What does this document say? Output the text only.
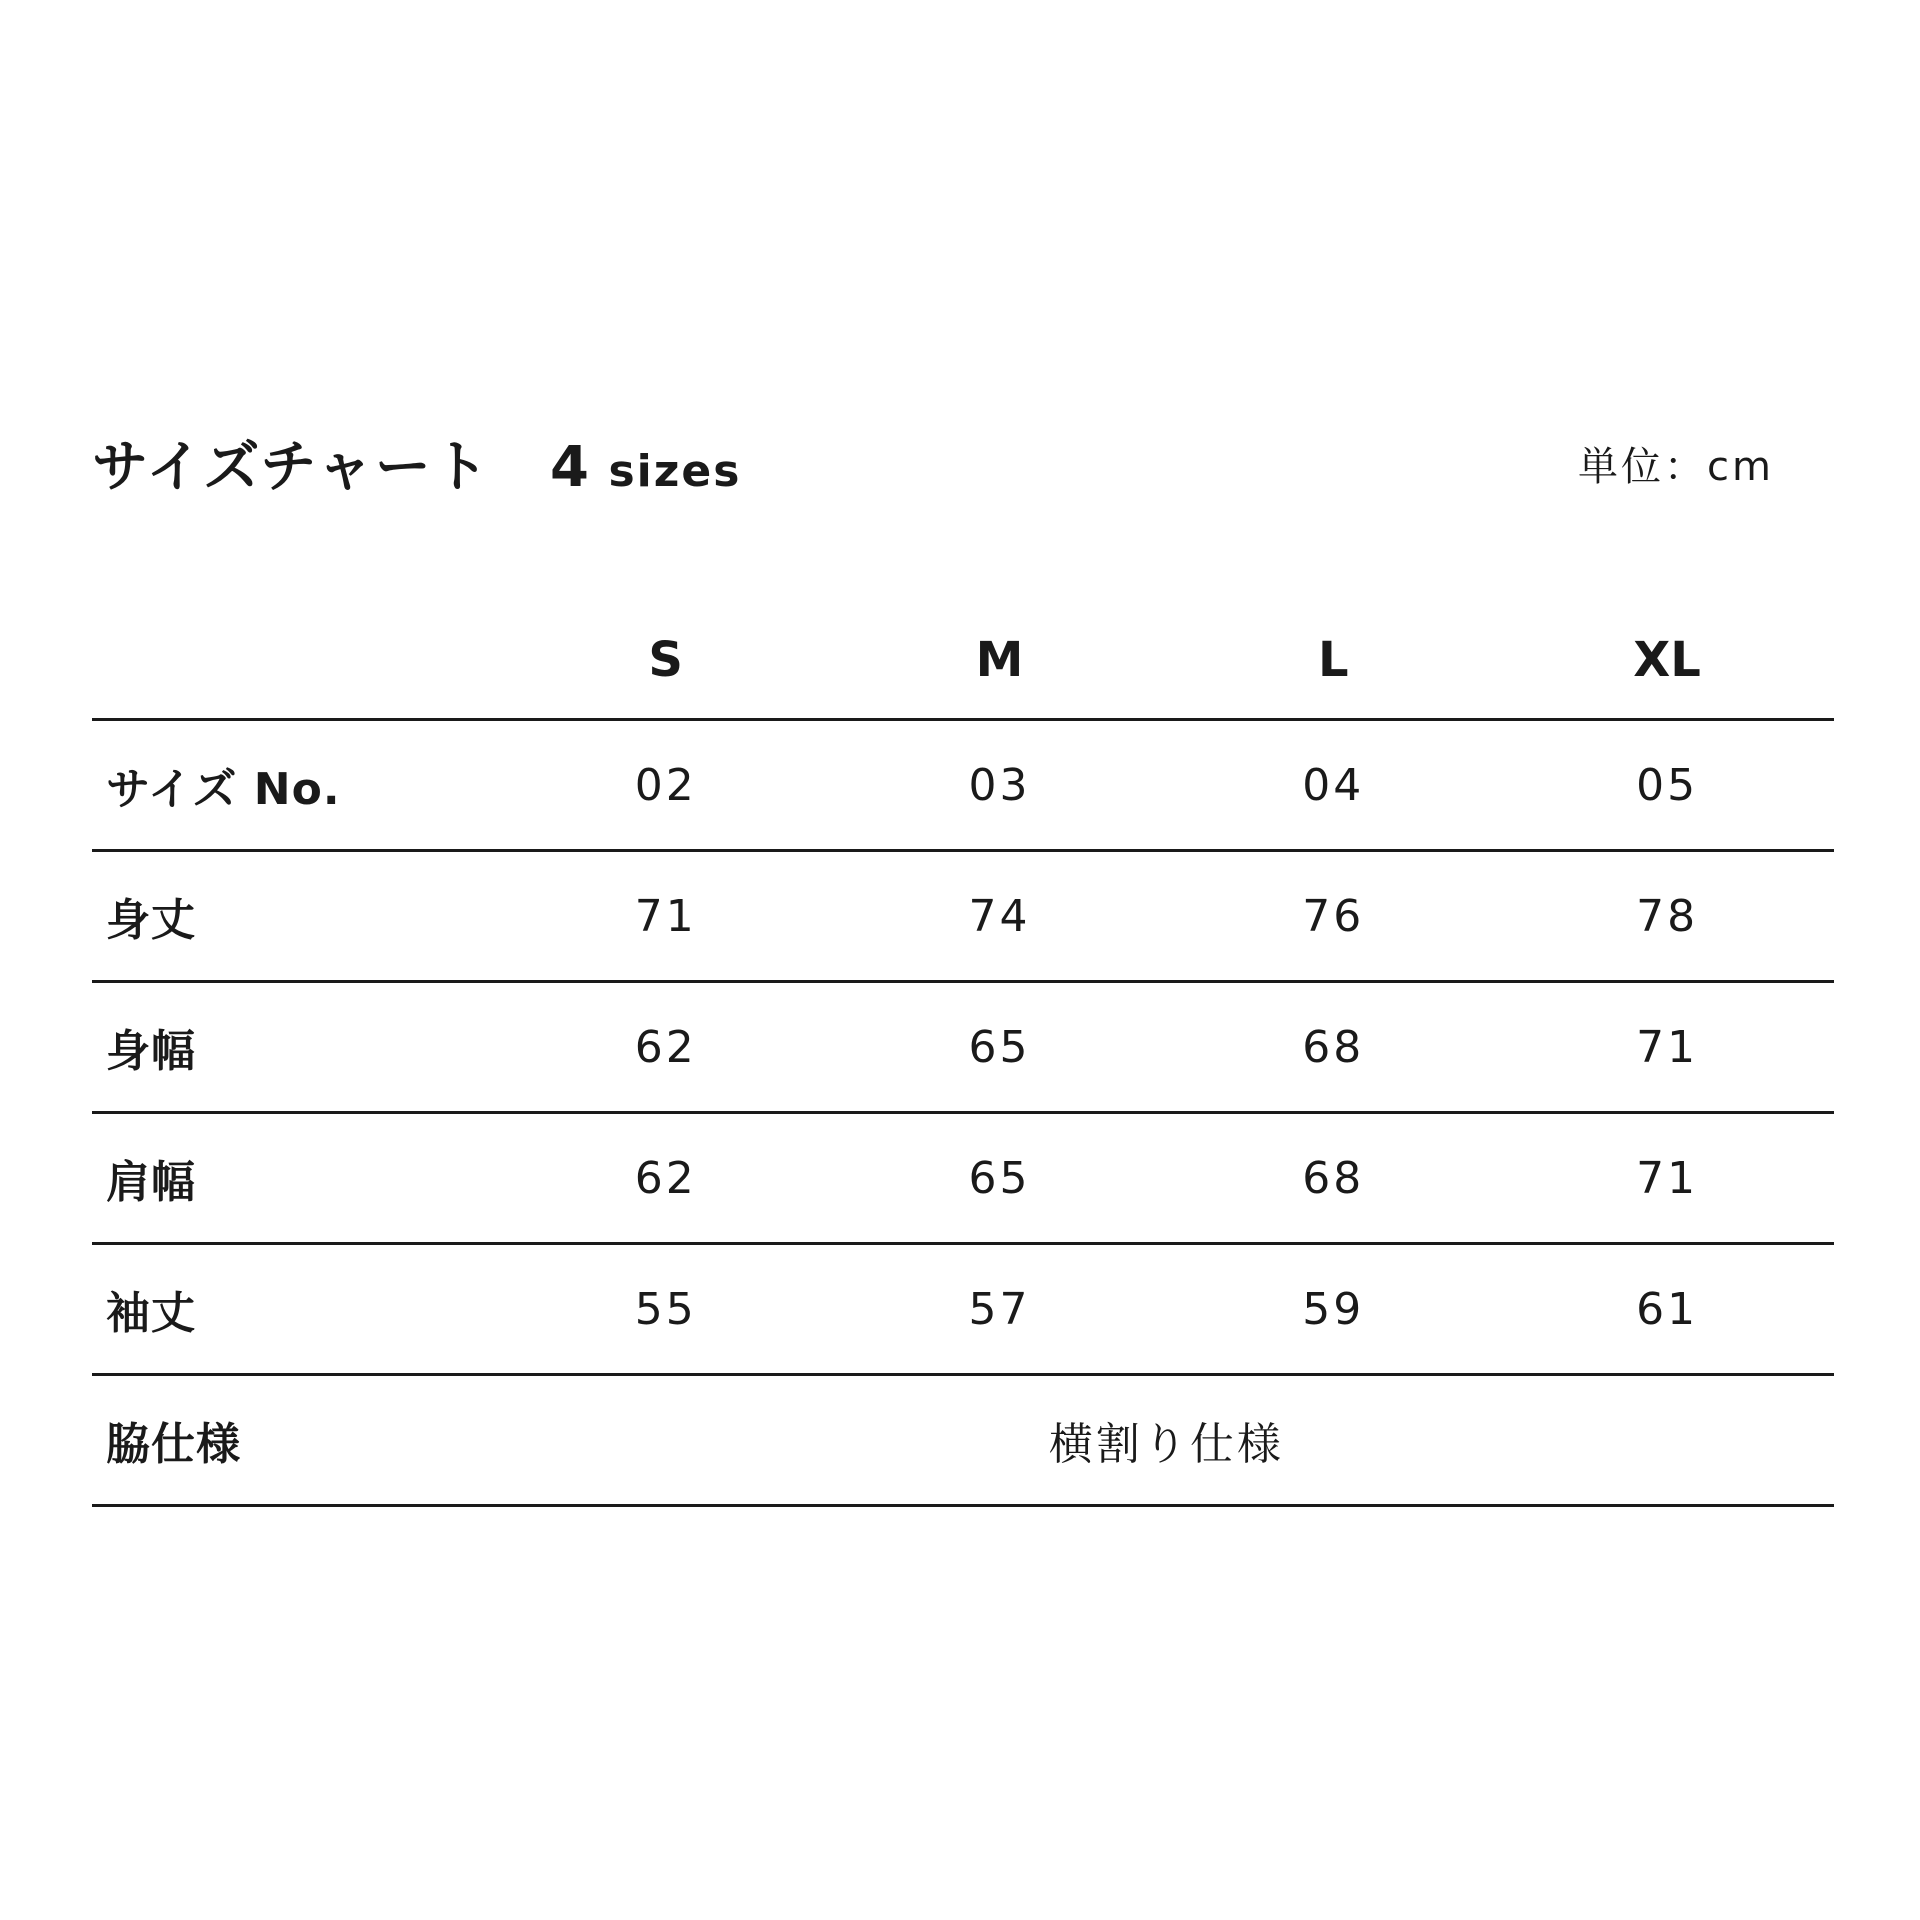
サイズチャート 4 sizes	単位：cm
	S	M	L	XL
サイズ No.	02	03	04	05
身丈	71	74	76	78
身幅	62	65	68	71
肩幅	62	65	68	71
袖丈	55	57	59	61
脇仕様	横割り仕様			
